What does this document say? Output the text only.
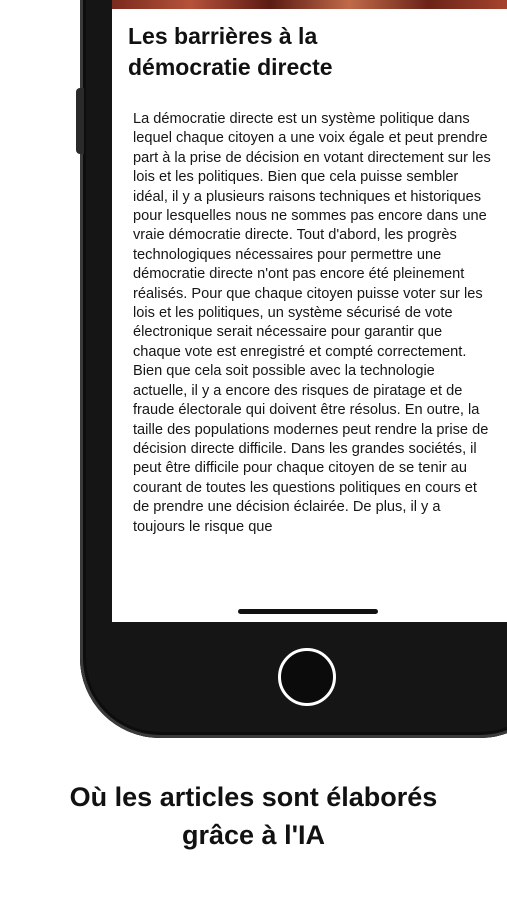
Les barrières à la
démocratie directe
La démocratie directe est un système politique dans lequel chaque citoyen a une voix égale et peut prendre part à la prise de décision en votant directement sur les lois et les politiques. Bien que cela puisse sembler idéal, il y a plusieurs raisons techniques et historiques pour lesquelles nous ne sommes pas encore dans une vraie démocratie directe. Tout d'abord, les progrès technologiques nécessaires pour permettre une démocratie directe n'ont pas encore été pleinement réalisés. Pour que chaque citoyen puisse voter sur les lois et les politiques, un système sécurisé de vote électronique serait nécessaire pour garantir que chaque vote est enregistré et compté correctement. Bien que cela soit possible avec la technologie actuelle, il y a encore des risques de piratage et de fraude électorale qui doivent être résolus. En outre, la taille des populations modernes peut rendre la prise de décision directe difficile. Dans les grandes sociétés, il peut être difficile pour chaque citoyen de se tenir au courant de toutes les questions politiques en cours et de prendre une décision éclairée. De plus, il y a toujours le risque que
Où les articles sont élaborés
grâce à l'IA
